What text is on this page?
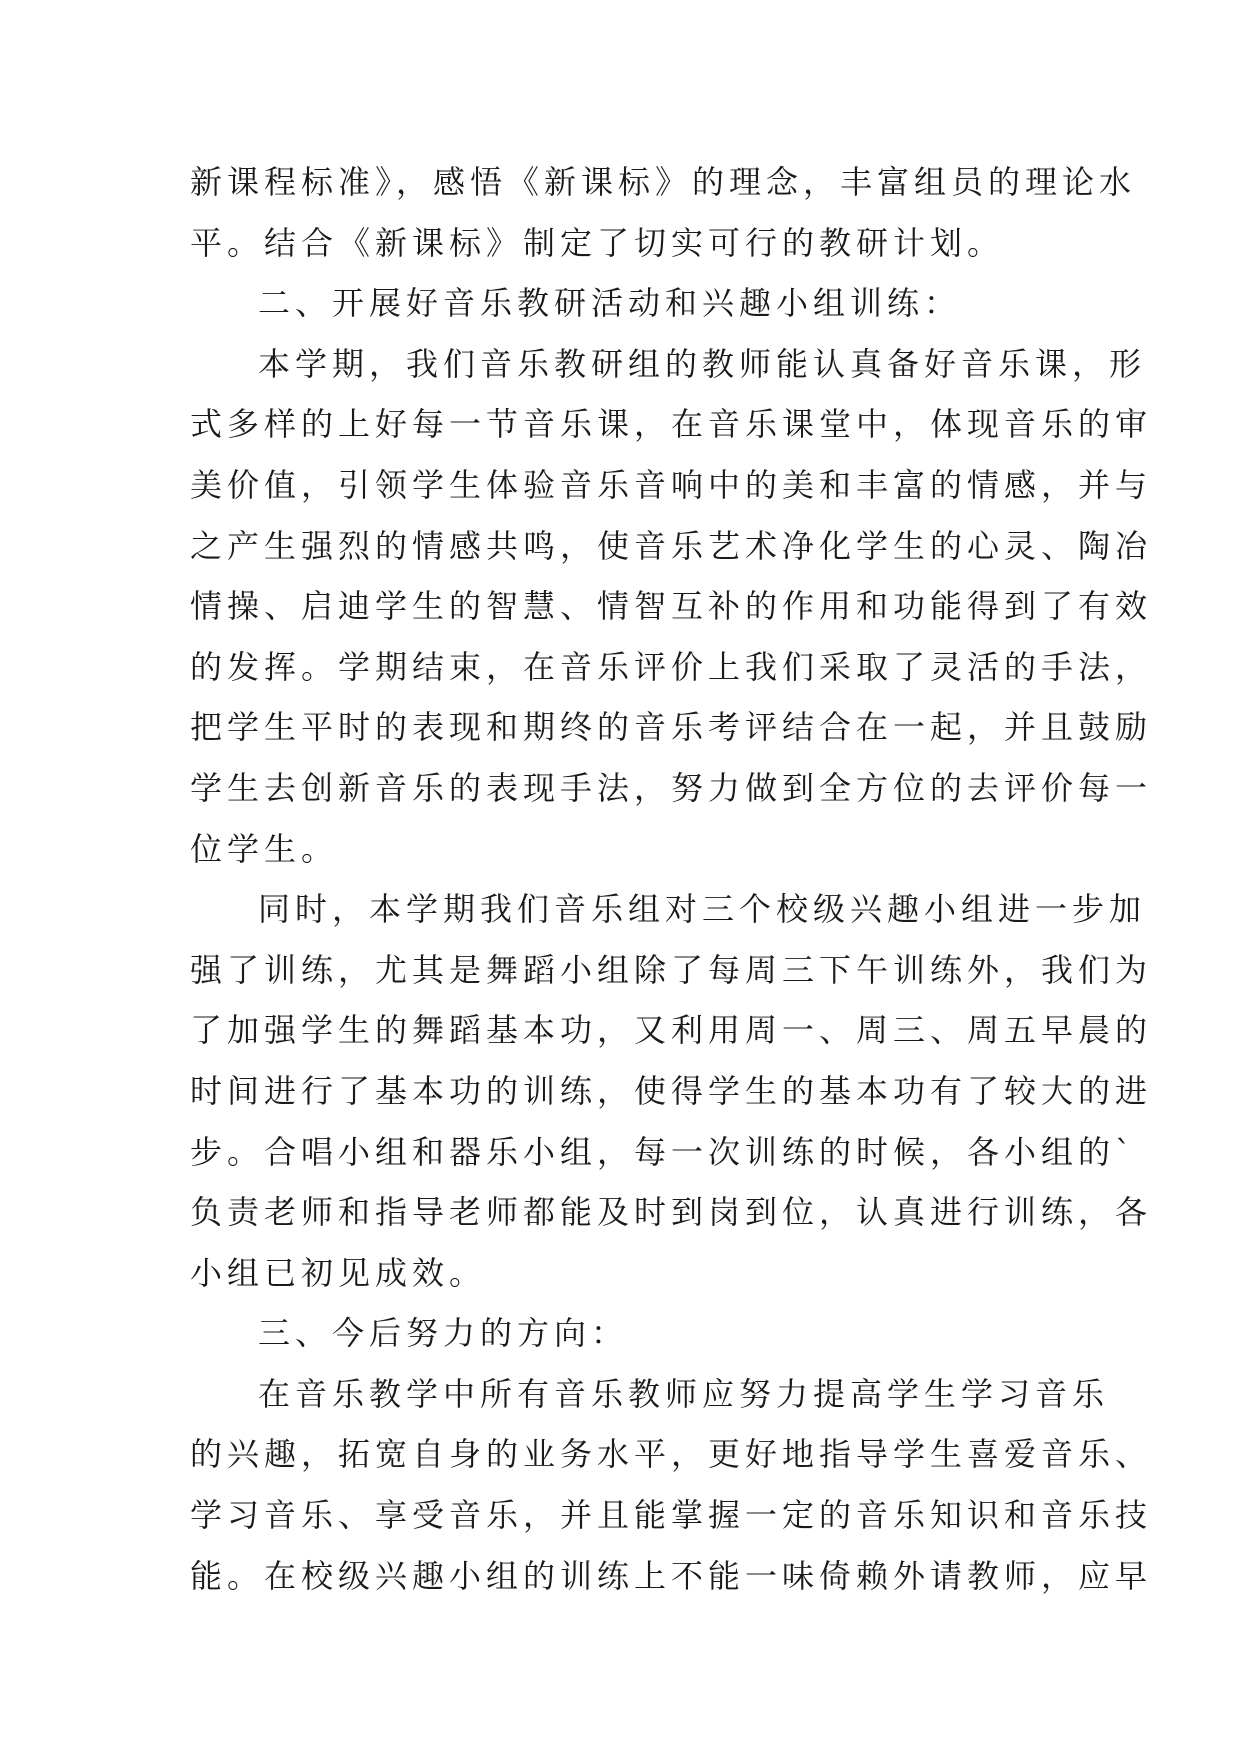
新课程标准》，感悟《新课标》的理念，丰富组员的理论水
平。结合《新课标》制定了切实可行的教研计划。
二、开展好音乐教研活动和兴趣小组训练：
本学期，我们音乐教研组的教师能认真备好音乐课，形
式多样的上好每一节音乐课，在音乐课堂中，体现音乐的审
美价值，引领学生体验音乐音响中的美和丰富的情感，并与
之产生强烈的情感共鸣，使音乐艺术净化学生的心灵、陶冶
情操、启迪学生的智慧、情智互补的作用和功能得到了有效
的发挥。学期结束，在音乐评价上我们采取了灵活的手法，
把学生平时的表现和期终的音乐考评结合在一起，并且鼓励
学生去创新音乐的表现手法，努力做到全方位的去评价每一
位学生。
同时，本学期我们音乐组对三个校级兴趣小组进一步加
强了训练，尤其是舞蹈小组除了每周三下午训练外，我们为
了加强学生的舞蹈基本功，又利用周一、周三、周五早晨的
时间进行了基本功的训练，使得学生的基本功有了较大的进
步。合唱小组和器乐小组，每一次训练的时候，各小组的`
负责老师和指导老师都能及时到岗到位，认真进行训练，各
小组已初见成效。
三、今后努力的方向：
在音乐教学中所有音乐教师应努力提高学生学习音乐
的兴趣，拓宽自身的业务水平，更好地指导学生喜爱音乐、
学习音乐、享受音乐，并且能掌握一定的音乐知识和音乐技
能。在校级兴趣小组的训练上不能一味倚赖外请教师，应早
